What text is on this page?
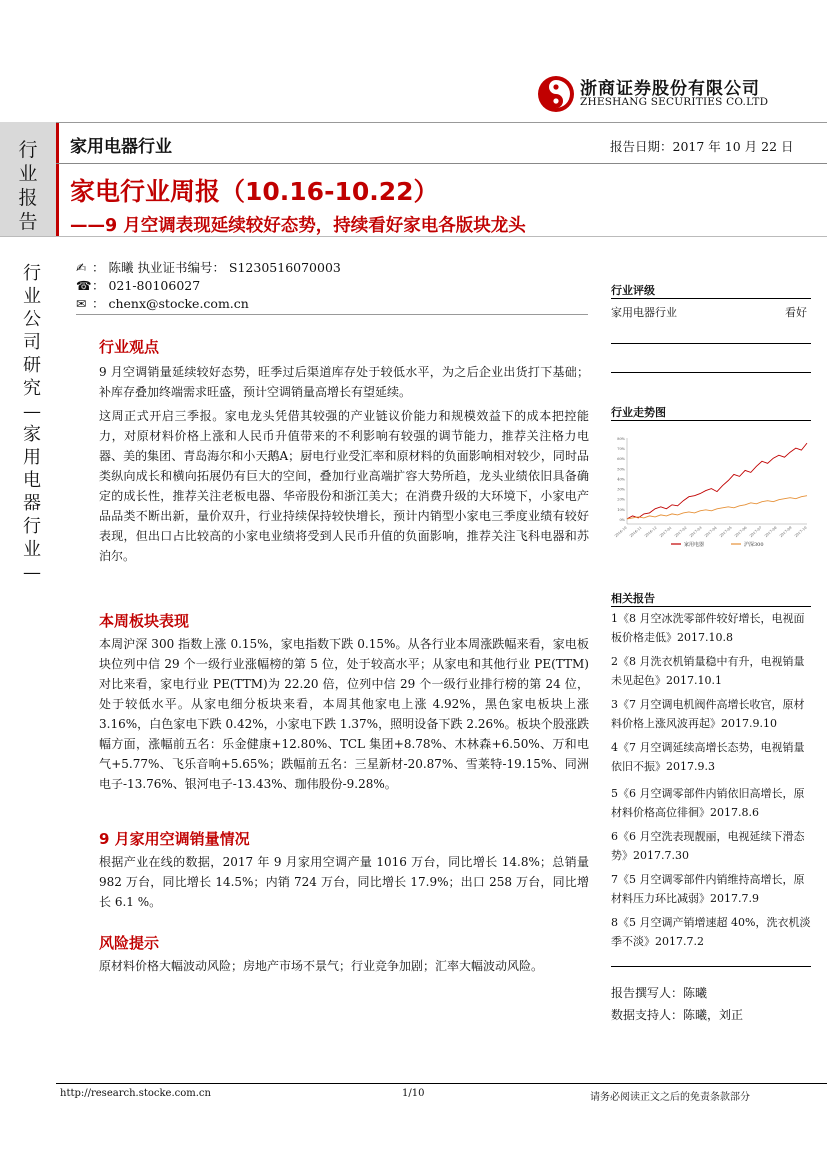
浙商证券股份有限公司
ZHESHANG SECURITIES CO.LTD
行业报告
家用电器行业	报告日期：2017 年 10 月 22 日
家电行业周报（10.16-10.22）
——9 月空调表现延续较好态势，持续看好家电各版块龙头
行业公司研究—家用电器行业—
✍ ： 陈曦 执业证书编号： S1230516070003
☎： 021-80106027
✉ ： chenx@stocke.com.cn
行业观点
9 月空调销量延续较好态势，旺季过后渠道库存处于较低水平，为之后企业出货打下基础；补库存叠加终端需求旺盛，预计空调销量高增长有望延续。
这周正式开启三季报。家电龙头凭借其较强的产业链议价能力和规模效益下的成本把控能力，对原材料价格上涨和人民币升值带来的不利影响有较强的调节能力，推荐关注格力电器、美的集团、青岛海尔和小天鹅A；厨电行业受汇率和原材料的负面影响相对较少，同时品类纵向成长和横向拓展仍有巨大的空间，叠加行业高端扩容大势所趋，龙头业绩依旧具备确定的成长性，推荐关注老板电器、华帝股份和浙江美大；在消费升级的大环境下，小家电产品品类不断出新，量价双升，行业持续保持较快增长，预计内销型小家电三季度业绩有较好表现，但出口占比较高的小家电业绩将受到人民币升值的负面影响，推荐关注飞科电器和苏泊尔。
本周板块表现
本周沪深 300 指数上涨 0.15%，家电指数下跌 0.15%。从各行业本周涨跌幅来看，家电板块位列中信 29 个一级行业涨幅榜的第 5 位，处于较高水平；从家电和其他行业 PE(TTM)对比来看，家电行业 PE(TTM)为 22.20 倍，位列中信 29 个一级行业排行榜的第 24 位，处于较低水平。从家电细分板块来看，本周其他家电上涨 4.92%，黑色家电板块上涨 3.16%，白色家电下跌 0.42%，小家电下跌 1.37%，照明设备下跌 2.26%。板块个股涨跌幅方面，涨幅前五名：乐金健康+12.80%、TCL 集团+8.78%、木林森+6.50%、万和电气+5.77%、飞乐音响+5.65%；跌幅前五名：三星新材-20.87%、雪莱特-19.15%、同洲电子-13.76%、银河电子-13.43%、珈伟股份-9.28%。
9 月家用空调销量情况
根据产业在线的数据，2017 年 9 月家用空调产量 1016 万台，同比增长 14.8%；总销量 982 万台，同比增长 14.5%；内销 724 万台，同比增长 17.9%；出口 258 万台，同比增长 6.1 %。
风险提示
原材料价格大幅波动风险；房地产市场不景气；行业竞争加剧；汇率大幅波动风险。
行业评级
家用电器行业	看好
行业走势图
0%
10%
20%
30%
40%
50%
60%
70%
80%
2016-10 2016-11 2016-12 2017-01 2017-02 2017-03 2017-04 2017-05 2017-06 2017-07 2017-08 2017-09 2017-10
家用电器	沪深300
相关报告
1《8 月空冰洗零部件较好增长，电视面板价格走低》2017.10.8
2《8 月洗衣机销量稳中有升，电视销量未见起色》2017.10.1
3《7 月空调电机阀件高增长收官，原材料价格上涨风波再起》2017.9.10
4《7 月空调延续高增长态势，电视销量依旧不振》2017.9.3
5《6 月空调零部件内销依旧高增长，原材料价格高位徘徊》2017.8.6
6《6 月空洗表现靓丽，电视延续下滑态势》2017.7.30
7《5 月空调零部件内销维持高增长，原材料压力环比减弱》2017.7.9
8《5 月空调产销增速超 40%，洗衣机淡季不淡》2017.7.2
报告撰写人：陈曦
数据支持人：陈曦，刘正
http://research.stocke.com.cn	1/10	请务必阅读正文之后的免责条款部分
